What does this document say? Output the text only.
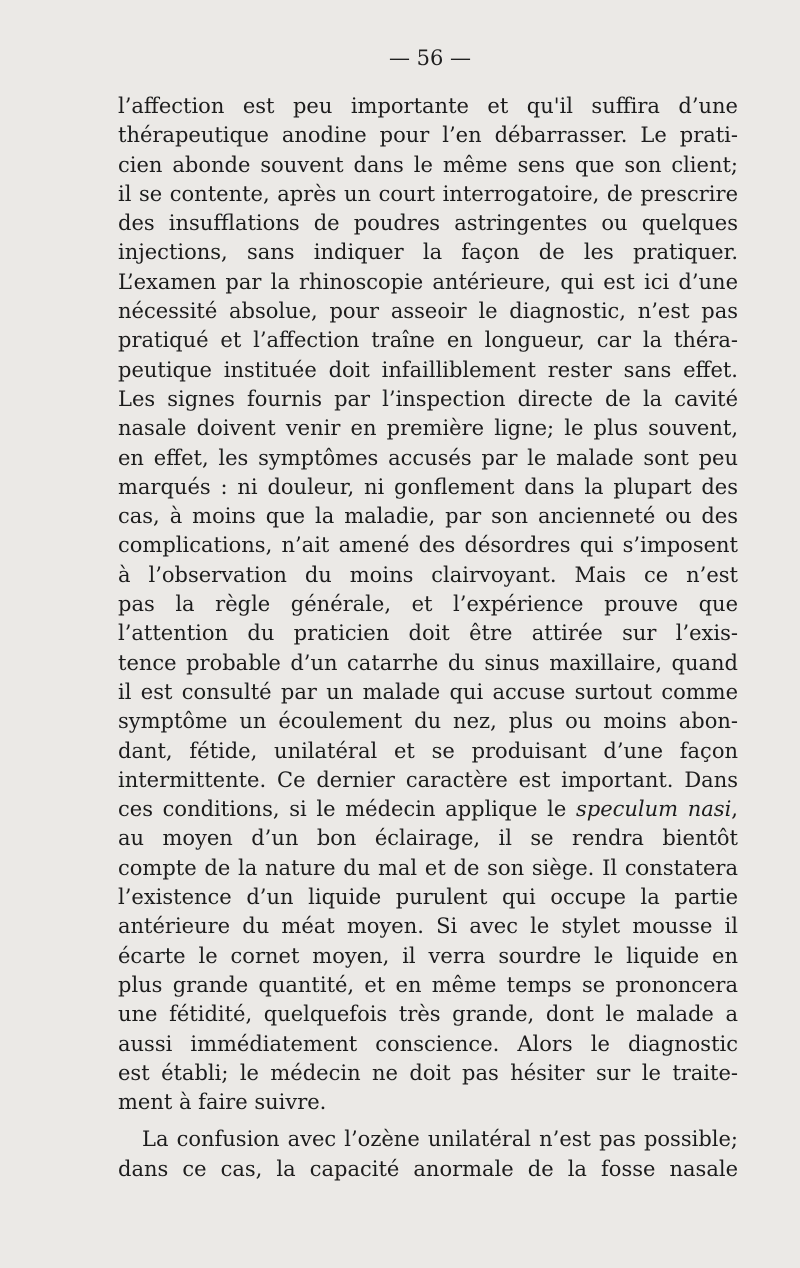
— 56 —
l’affection est peu importante et qu'il suffira d’une
thérapeutique anodine pour l’en débarrasser. Le prati-
cien abonde souvent dans le même sens que son client;
il se contente, après un court interrogatoire, de prescrire
des insufflations de poudres astringentes ou quelques
injections, sans indiquer la façon de les pratiquer.
L’examen par la rhinoscopie antérieure, qui est ici d’une
nécessité absolue, pour asseoir le diagnostic, n’est pas
pratiqué et l’affection traîne en longueur, car la théra-
peutique instituée doit infailliblement rester sans effet.
Les signes fournis par l’inspection directe de la cavité
nasale doivent venir en première ligne; le plus souvent,
en effet, les symptômes accusés par le malade sont peu
marqués : ni douleur, ni gonflement dans la plupart des
cas, à moins que la maladie, par son ancienneté ou des
complications, n’ait amené des désordres qui s’imposent
à l’observation du moins clairvoyant. Mais ce n’est
pas la règle générale, et l’expérience prouve que
l’attention du praticien doit être attirée sur l’exis-
tence probable d’un catarrhe du sinus maxillaire, quand
il est consulté par un malade qui accuse surtout comme
symptôme un écoulement du nez, plus ou moins abon-
dant, fétide, unilatéral et se produisant d’une façon
intermittente. Ce dernier caractère est important. Dans
ces conditions, si le médecin applique le speculum nasi,
au moyen d’un bon éclairage, il se rendra bientôt
compte de la nature du mal et de son siège. Il constatera
l’existence d’un liquide purulent qui occupe la partie
antérieure du méat moyen. Si avec le stylet mousse il
écarte le cornet moyen, il verra sourdre le liquide en
plus grande quantité, et en même temps se prononcera
une fétidité, quelquefois très grande, dont le malade a
aussi immédiatement conscience. Alors le diagnostic
est établi; le médecin ne doit pas hésiter sur le traite-
ment à faire suivre.
La confusion avec l’ozène unilatéral n’est pas possible;
dans ce cas, la capacité anormale de la fosse nasale
